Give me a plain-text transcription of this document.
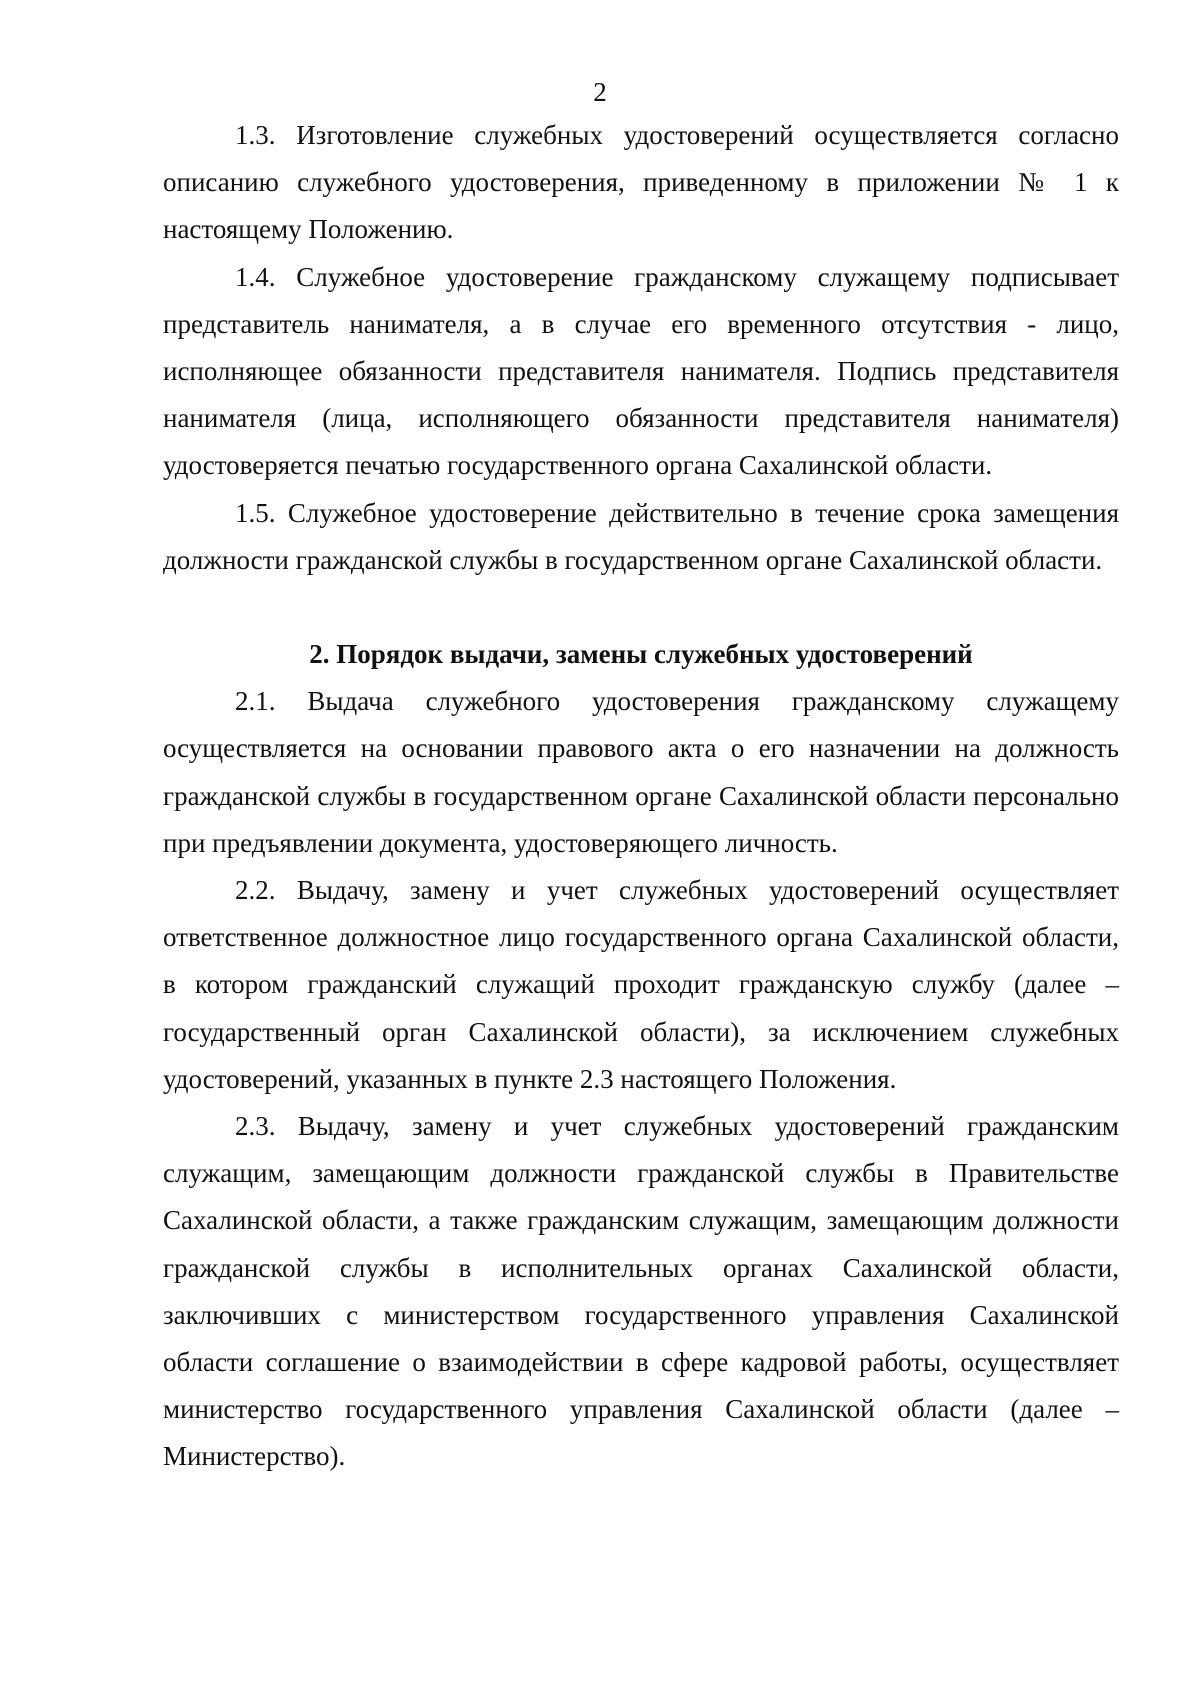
2

1.3. Изготовление служебных удостоверений осуществляется согласно описанию служебного удостоверения, приведенному в приложении № 1 к настоящему Положению.

1.4. Служебное удостоверение гражданскому служащему подписывает представитель нанимателя, а в случае его временного отсутствия - лицо, исполняющее обязанности представителя нанимателя. Подпись представителя нанимателя (лица, исполняющего обязанности представителя нанимателя) удостоверяется печатью государственного органа Сахалинской области.

1.5. Служебное удостоверение действительно в течение срока замещения должности гражданской службы в государственном органе Сахалинской области.

2. Порядок выдачи, замены служебных удостоверений

2.1. Выдача служебного удостоверения гражданскому служащему осуществляется на основании правового акта о его назначении на должность гражданской службы в государственном органе Сахалинской области персонально при предъявлении документа, удостоверяющего личность.

2.2. Выдачу, замену и учет служебных удостоверений осуществляет ответственное должностное лицо государственного органа Сахалинской области, в котором гражданский служащий проходит гражданскую службу (далее – государственный орган Сахалинской области), за исключением служебных удостоверений, указанных в пункте 2.3 настоящего Положения.

2.3. Выдачу, замену и учет служебных удостоверений гражданским служащим, замещающим должности гражданской службы в Правительстве Сахалинской области, а также гражданским служащим, замещающим должности гражданской службы в исполнительных органах Сахалинской области, заключивших с министерством государственного управления Сахалинской области соглашение о взаимодействии в сфере кадровой работы, осуществляет министерство государственного управления Сахалинской области (далее – Министерство).
